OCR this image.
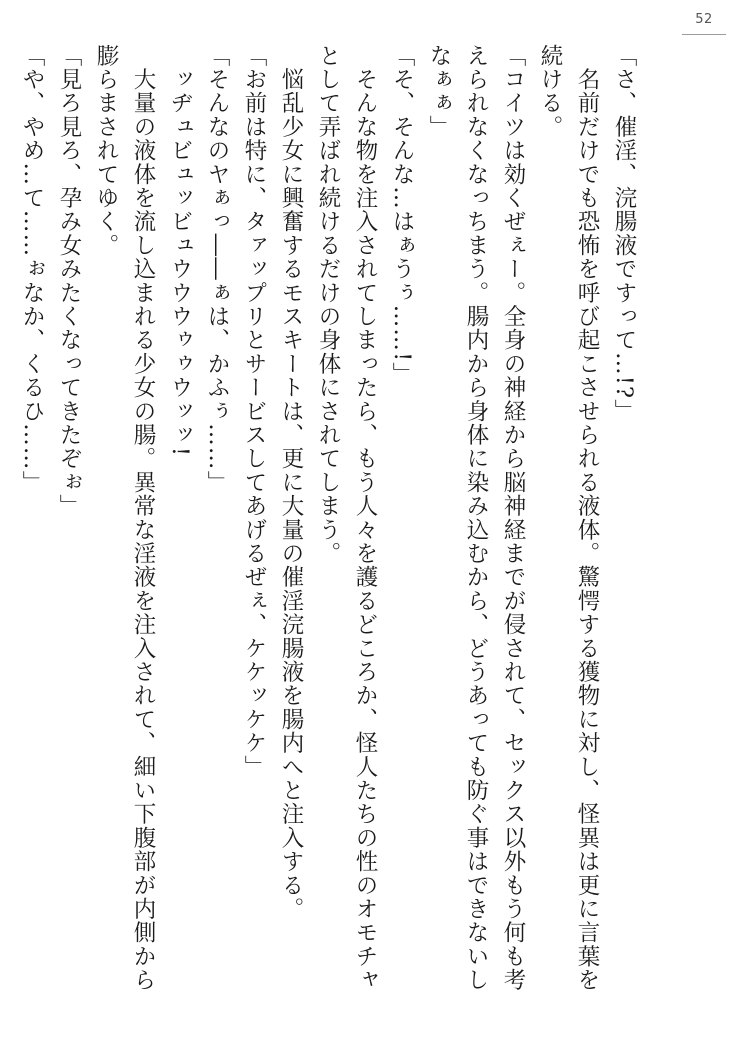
52
「さ、催淫、浣腸液ですって…!?」
　名前だけでも恐怖を呼び起こさせられる液体。驚愕する獲物に対し、怪異は更に言葉を
続ける。
「コイツは効くぜぇー。全身の神経から脳神経までが侵されて、セックス以外もう何も考
えられなくなっちまう。腸内から身体に染み込むから、どうあっても防ぐ事はできないし
なぁぁ」
「そ、そんな…はぁうぅ……!」
　そんな物を注入されてしまったら、もう人々を護るどころか、怪人たちの性のオモチャ
として弄ばれ続けるだけの身体にされてしまう。
　悩乱少女に興奮するモスキートは、更に大量の催淫浣腸液を腸内へと注入する。
「お前は特に、タァップリとサービスしてあげるぜぇ、ケケッケケ」
「そんなのヤぁっ――ぁは、かふぅ……」
　ッヂュビュッビュウウウゥゥウッッ!
　大量の液体を流し込まれる少女の腸。異常な淫液を注入されて、細い下腹部が内側から
膨らまされてゆく。
「見ろ見ろ、孕み女みたくなってきたぞぉ」
「や、やめ…て……ぉなか、くるひ……」
